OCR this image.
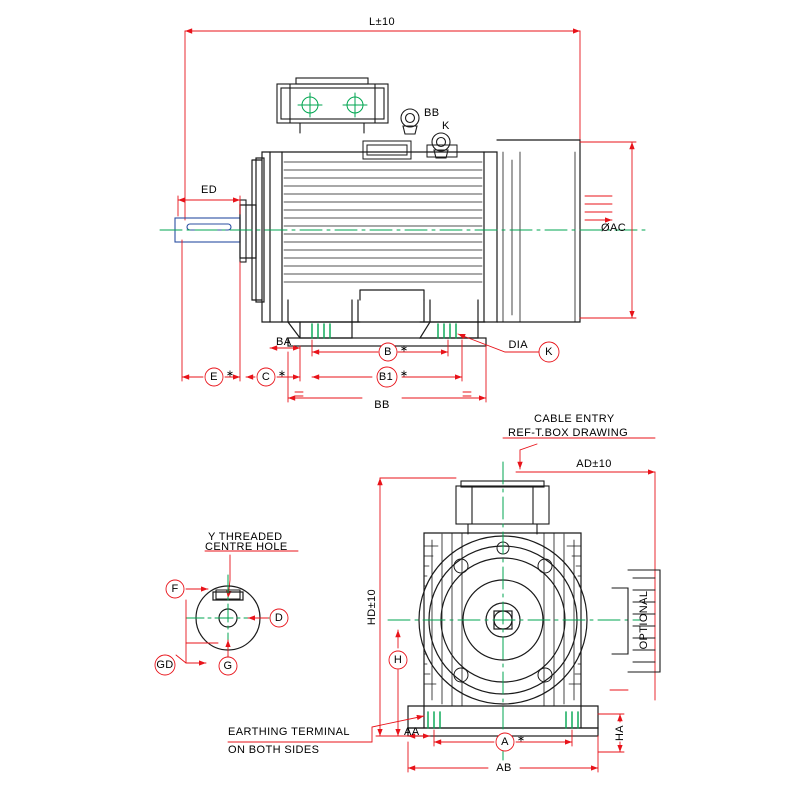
L±10
BB
K
ØAC
ED
BA
B ∗
B1 ∗
BB
E ∗ C ∗
DIA
K
CABLE ENTRY
REF-T.BOX DRAWING
AD±10
OPTIONAL
HD±10
H
AA
A ∗
AB
HA
EARTHING TERMINAL
ON BOTH SIDES
Y THREADED
CENTRE HOLE
F
D
GD	G
